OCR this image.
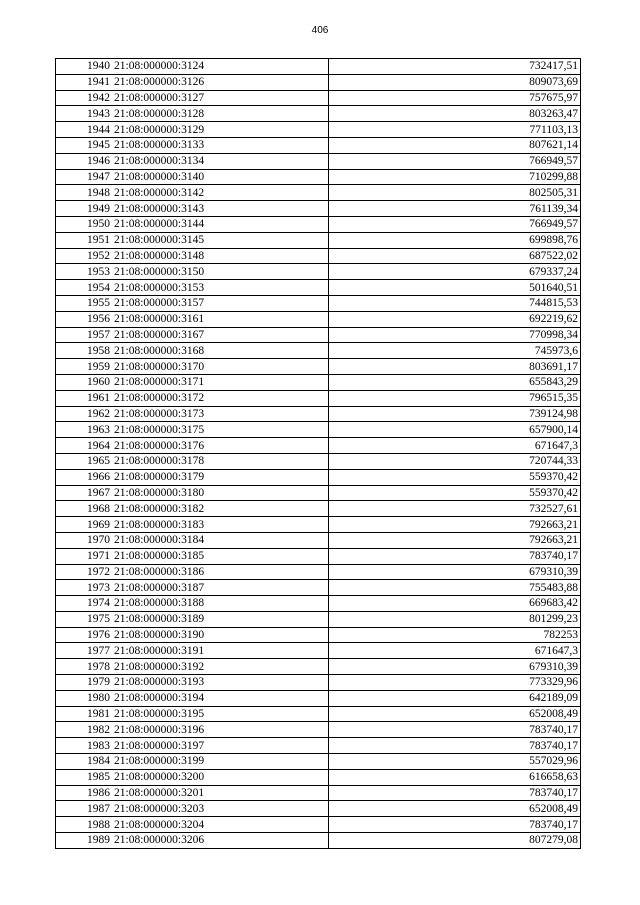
406
1940	21:08:000000:3124	732417,51
1941	21:08:000000:3126	809073,69
1942	21:08:000000:3127	757675,97
1943	21:08:000000:3128	803263,47
1944	21:08:000000:3129	771103,13
1945	21:08:000000:3133	807621,14
1946	21:08:000000:3134	766949,57
1947	21:08:000000:3140	710299,88
1948	21:08:000000:3142	802505,31
1949	21:08:000000:3143	761139,34
1950	21:08:000000:3144	766949,57
1951	21:08:000000:3145	699898,76
1952	21:08:000000:3148	687522,02
1953	21:08:000000:3150	679337,24
1954	21:08:000000:3153	501640,51
1955	21:08:000000:3157	744815,53
1956	21:08:000000:3161	692219,62
1957	21:08:000000:3167	770998,34
1958	21:08:000000:3168	745973,6
1959	21:08:000000:3170	803691,17
1960	21:08:000000:3171	655843,29
1961	21:08:000000:3172	796515,35
1962	21:08:000000:3173	739124,98
1963	21:08:000000:3175	657900,14
1964	21:08:000000:3176	671647,3
1965	21:08:000000:3178	720744,33
1966	21:08:000000:3179	559370,42
1967	21:08:000000:3180	559370,42
1968	21:08:000000:3182	732527,61
1969	21:08:000000:3183	792663,21
1970	21:08:000000:3184	792663,21
1971	21:08:000000:3185	783740,17
1972	21:08:000000:3186	679310,39
1973	21:08:000000:3187	755483,88
1974	21:08:000000:3188	669683,42
1975	21:08:000000:3189	801299,23
1976	21:08:000000:3190	782253
1977	21:08:000000:3191	671647,3
1978	21:08:000000:3192	679310,39
1979	21:08:000000:3193	773329,96
1980	21:08:000000:3194	642189,09
1981	21:08:000000:3195	652008,49
1982	21:08:000000:3196	783740,17
1983	21:08:000000:3197	783740,17
1984	21:08:000000:3199	557029,96
1985	21:08:000000:3200	616658,63
1986	21:08:000000:3201	783740,17
1987	21:08:000000:3203	652008,49
1988	21:08:000000:3204	783740,17
1989	21:08:000000:3206	807279,08
